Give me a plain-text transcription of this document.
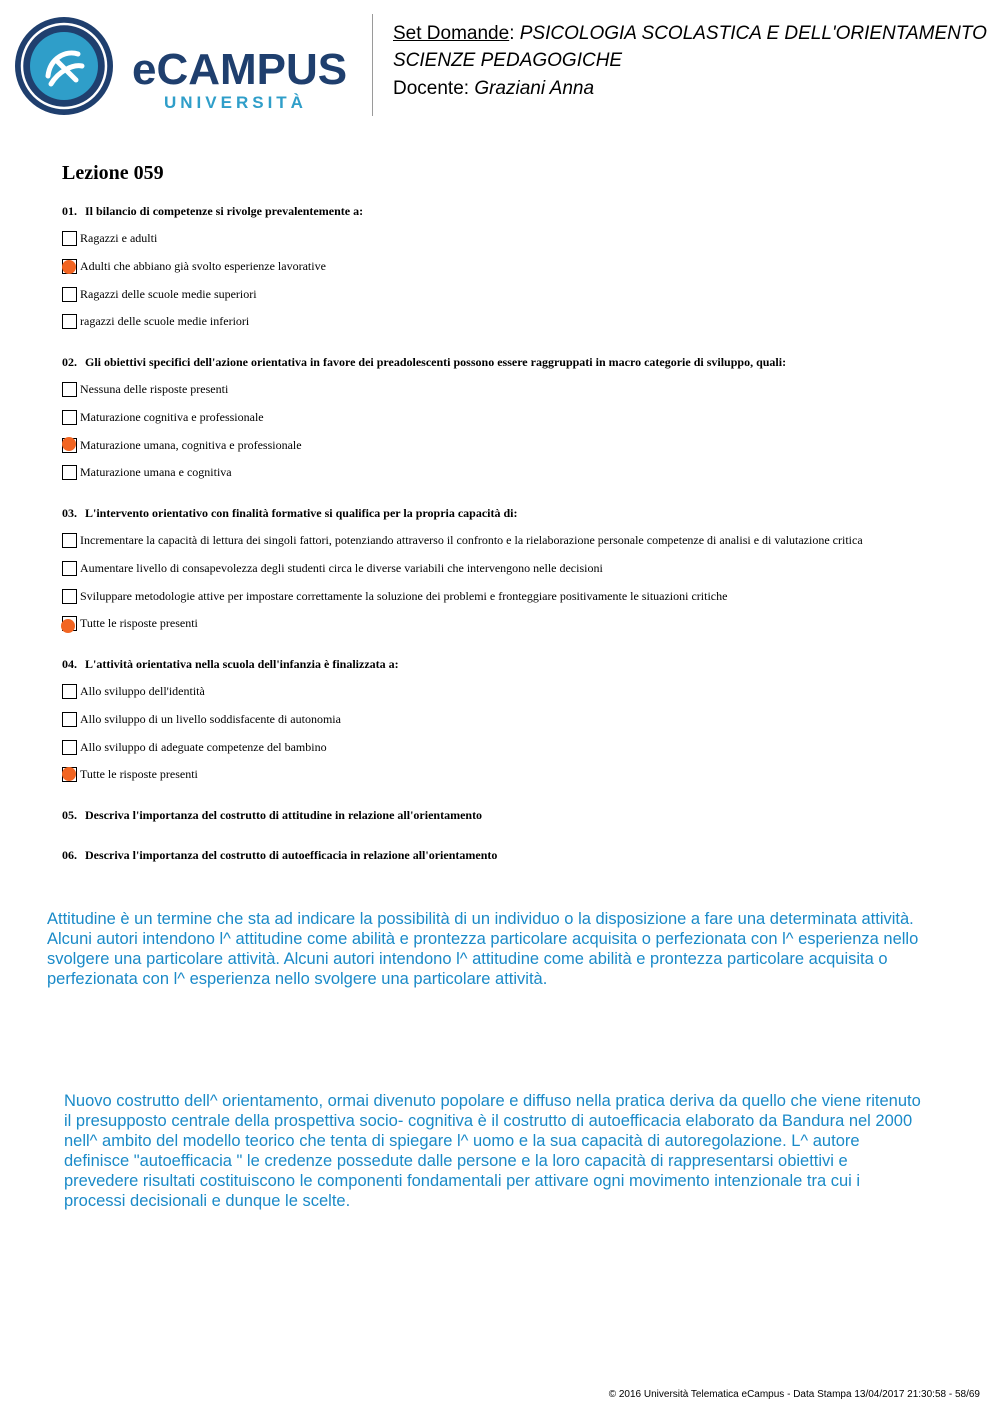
eCAMPUS
UNIVERSITÀ
Set Domande: PSICOLOGIA SCOLASTICA E DELL'ORIENTAMENTO
SCIENZE PEDAGOGICHE
Docente: Graziani Anna
Lezione 059
01. Il bilancio di competenze si rivolge prevalentemente a:
Ragazzi e adulti
Adulti che abbiano già svolto esperienze lavorative
Ragazzi delle scuole medie superiori
ragazzi delle scuole medie inferiori
02. Gli obiettivi specifici dell'azione orientativa in favore dei preadolescenti possono essere raggruppati in macro categorie di sviluppo, quali:
Nessuna delle risposte presenti
Maturazione cognitiva e professionale
Maturazione umana, cognitiva e professionale
Maturazione umana e cognitiva
03. L'intervento orientativo con finalità formative si qualifica per la propria capacità di:
Incrementare la capacità di lettura dei singoli fattori, potenziando attraverso il confronto e la rielaborazione personale competenze di analisi e di valutazione critica
Aumentare livello di consapevolezza degli studenti circa le diverse variabili che intervengono nelle decisioni
Sviluppare metodologie attive per impostare correttamente la soluzione dei problemi e fronteggiare positivamente le situazioni critiche
Tutte le risposte presenti
04. L'attività orientativa nella scuola dell'infanzia è finalizzata a:
Allo sviluppo dell'identità
Allo sviluppo di un livello soddisfacente di autonomia
Allo sviluppo di adeguate competenze del bambino
Tutte le risposte presenti
05. Descriva l'importanza del costrutto di attitudine in relazione all'orientamento
06. Descriva l'importanza del costrutto di autoefficacia in relazione all'orientamento
Attitudine è un termine che sta ad indicare la possibilità di un individuo o la disposizione a fare una determinata attività.
Alcuni autori intendono l^ attitudine come abilità e prontezza particolare acquisita o perfezionata con l^ esperienza nello
svolgere una particolare attività. Alcuni autori intendono l^ attitudine come abilità e prontezza particolare acquisita o
perfezionata con l^ esperienza nello svolgere una particolare attività.
Nuovo costrutto dell^ orientamento, ormai divenuto popolare e diffuso nella pratica deriva da quello che viene ritenuto
il presupposto centrale della prospettiva socio- cognitiva è il costrutto di autoefficacia elaborato da Bandura nel 2000
nell^ ambito del modello teorico che tenta di spiegare l^ uomo e la sua capacità di autoregolazione. L^ autore
definisce "autoefficacia " le credenze possedute dalle persone e la loro capacità di rappresentarsi obiettivi e
prevedere risultati costituiscono le componenti fondamentali per attivare ogni movimento intenzionale tra cui i
processi decisionali e dunque le scelte.
© 2016 Università Telematica eCampus - Data Stampa 13/04/2017 21:30:58 - 58/69
